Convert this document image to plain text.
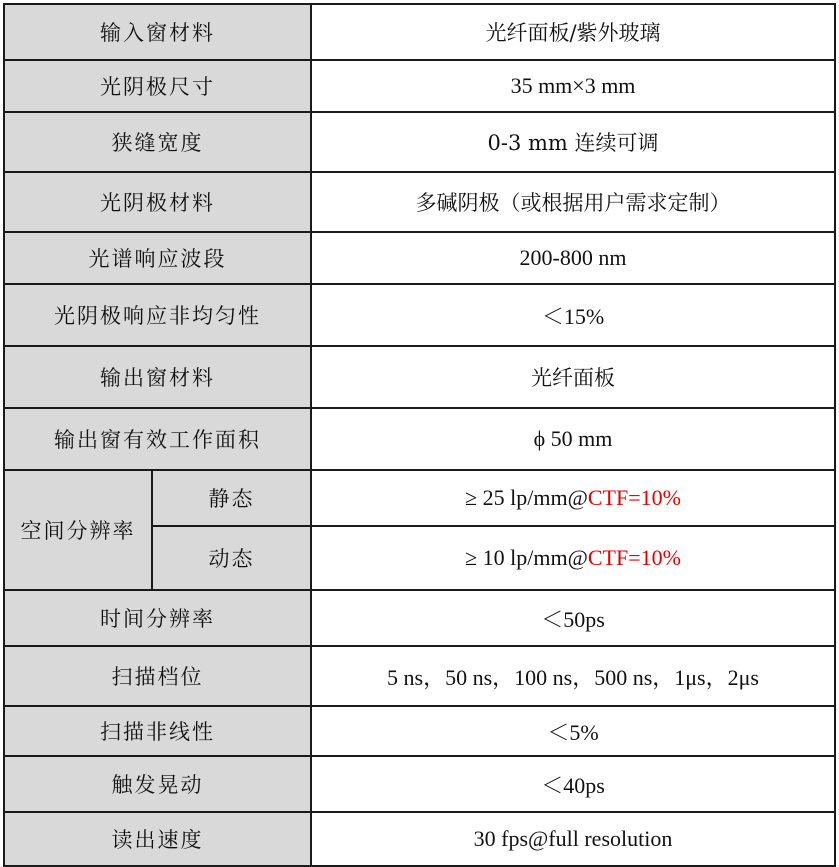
输入窗材料		光纤面板/紫外玻璃
光阴极尺寸		35 mm×3 mm
狭缝宽度		0-3 mm 连续可调
光阴极材料		多碱阴极（或根据用户需求定制）
光谱响应波段		200-800 nm
光阴极响应非均匀性		＜15%
输出窗材料		光纤面板
输出窗有效工作面积		ϕ 50 mm
空间分辨率	静态	≥ 25 lp/mm@CTF=10%
	动态	≥ 10 lp/mm@CTF=10%
时间分辨率		＜50ps
扫描档位		5 ns，50 ns，100 ns，500 ns，1μs，2μs
扫描非线性		＜5%
触发晃动		＜40ps
读出速度		30 fps@full resolution
